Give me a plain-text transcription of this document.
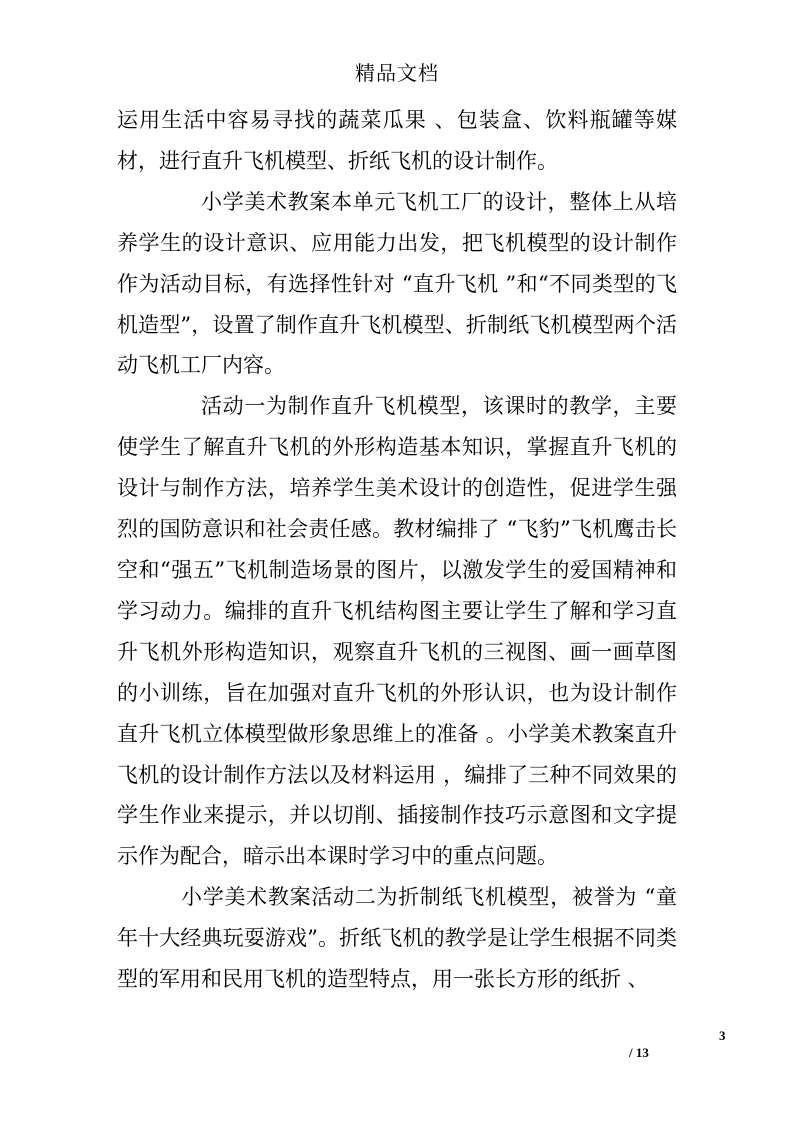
精品文档

运用生活中容易寻找的蔬菜瓜果 、包装盒、饮料瓶罐等媒材，进行直升飞机模型、折纸飞机的设计制作。

小学美术教案本单元飞机工厂的设计，整体上从培养学生的设计意识、应用能力出发，把飞机模型的设计制作作为活动目标，有选择性针对 “直升飞机 ”和“不同类型的飞机造型”，设置了制作直升飞机模型、折制纸飞机模型两个活动飞机工厂内容。

活动一为制作直升飞机模型，该课时的教学，主要使学生了解直升飞机的外形构造基本知识，掌握直升飞机的设计与制作方法，培养学生美术设计的创造性，促进学生强烈的国防意识和社会责任感。教材编排了 “飞豹”飞机鹰击长空和“强五”飞机制造场景的图片，以激发学生的爱国精神和学习动力。编排的直升飞机结构图主要让学生了解和学习直升飞机外形构造知识，观察直升飞机的三视图、画一画草图的小训练，旨在加强对直升飞机的外形认识，也为设计制作直升飞机立体模型做形象思维上的准备 。小学美术教案直升飞机的设计制作方法以及材料运用 ，编排了三种不同效果的学生作业来提示，并以切削、插接制作技巧示意图和文字提示作为配合，暗示出本课时学习中的重点问题。

小学美术教案活动二为折制纸飞机模型，被誉为 “童年十大经典玩耍游戏”。折纸飞机的教学是让学生根据不同类型的军用和民用飞机的造型特点，用一张长方形的纸折 、

3
/ 13
